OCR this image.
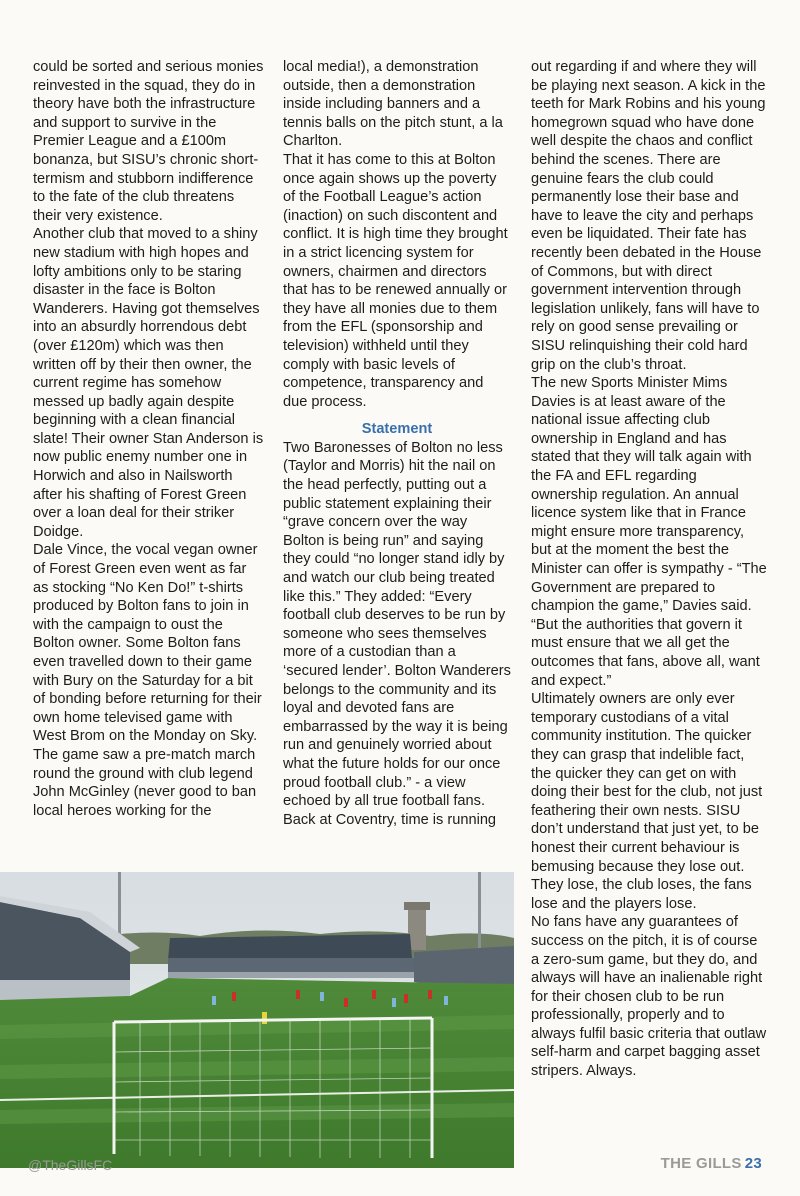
could be sorted and serious monies reinvested in the squad, they do in theory have both the infrastructure and support to survive in the Premier League and a £100m bonanza, but SISU’s chronic short-termism and stubborn indifference to the fate of the club threatens their very existence.

Another club that moved to a shiny new stadium with high hopes and lofty ambitions only to be staring disaster in the face is Bolton Wanderers. Having got themselves into an absurdly horrendous debt (over £120m) which was then written off by their then owner, the current regime has somehow messed up badly again despite beginning with a clean financial slate! Their owner Stan Anderson is now public enemy number one in Horwich and also in Nailsworth after his shafting of Forest Green over a loan deal for their striker Doidge.

Dale Vince, the vocal vegan owner of Forest Green even went as far as stocking “No Ken Do!” t-shirts produced by Bolton fans to join in with the campaign to oust the Bolton owner. Some Bolton fans even travelled down to their game with Bury on the Saturday for a bit of bonding before returning for their own home televised game with West Brom on the Monday on Sky. The game saw a pre-match march round the ground with club legend John McGinley (never good to ban local heroes working for the

local media!), a demonstration outside, then a demonstration inside including banners and a tennis balls on the pitch stunt, a la Charlton.

That it has come to this at Bolton once again shows up the poverty of the Football League’s action (inaction) on such discontent and conflict. It is high time they brought in a strict licencing system for owners, chairmen and directors that has to be renewed annually or they have all monies due to them from the EFL (sponsorship and television) withheld until they comply with basic levels of competence, transparency and due process.

Statement

Two Baronesses of Bolton no less (Taylor and Morris) hit the nail on the head perfectly, putting out a public statement explaining their “grave concern over the way Bolton is being run” and saying they could “no longer stand idly by and watch our club being treated like this.” They added: “Every football club deserves to be run by someone who sees themselves more of a custodian than a ‘secured lender’. Bolton Wanderers belongs to the community and its loyal and devoted fans are embarrassed by the way it is being run and genuinely worried about what the future holds for our once proud football club.” - a view echoed by all true football fans.

Back at Coventry, time is running

out regarding if and where they will be playing next season. A kick in the teeth for Mark Robins and his young homegrown squad who have done well despite the chaos and conflict behind the scenes. There are genuine fears the club could permanently lose their base and have to leave the city and perhaps even be liquidated. Their fate has recently been debated in the House of Commons, but with direct government intervention through legislation unlikely, fans will have to rely on good sense prevailing or SISU relinquishing their cold hard grip on the club’s throat.

The new Sports Minister Mims Davies is at least aware of the national issue affecting club ownership in England and has stated that they will talk again with the FA and EFL regarding ownership regulation. An annual licence system like that in France might ensure more transparency, but at the moment the best the Minister can offer is sympathy - “The Government are prepared to champion the game,” Davies said. “But the authorities that govern it must ensure that we all get the outcomes that fans, above all, want and expect.”

Ultimately owners are only ever temporary custodians of a vital community institution. The quicker they can grasp that indelible fact, the quicker they can get on with doing their best for the club, not just feathering their own nests. SISU don’t understand that just yet, to be honest their current behaviour is bemusing because they lose out. They lose, the club loses, the fans lose and the players lose.

No fans have any guarantees of success on the pitch, it is of course a zero-sum game, but they do, and always will have an inalienable right for their chosen club to be run professionally, properly and to always fulfil basic criteria that outlaw self-harm and carpet bagging asset stripers. Always.

@TheGillsFC	THE GILLS 23
